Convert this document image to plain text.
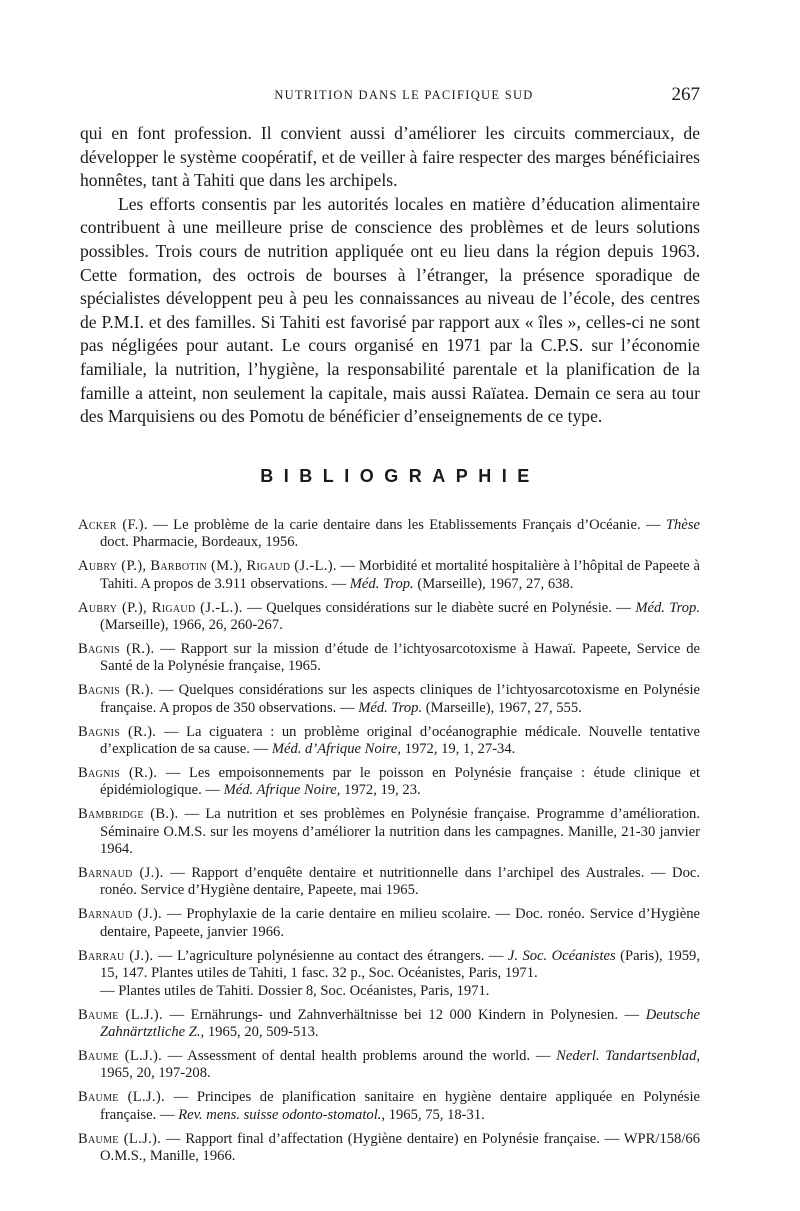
NUTRITION DANS LE PACIFIQUE SUD	267

qui en font profession. Il convient aussi d’améliorer les circuits commerciaux, de développer le système coopératif, et de veiller à faire respecter des marges bénéficiaires honnêtes, tant à Tahiti que dans les archipels.

Les efforts consentis par les autorités locales en matière d’éducation alimentaire contribuent à une meilleure prise de conscience des problèmes et de leurs solutions possibles. Trois cours de nutrition appliquée ont eu lieu dans la région depuis 1963. Cette formation, des octrois de bourses à l’étranger, la présence sporadique de spécialistes développent peu à peu les connaissances au niveau de l’école, des centres de P.M.I. et des familles. Si Tahiti est favorisé par rapport aux « îles », celles-ci ne sont pas négligées pour autant. Le cours organisé en 1971 par la C.P.S. sur l’économie familiale, la nutrition, l’hygiène, la responsabilité parentale et la planification de la famille a atteint, non seulement la capitale, mais aussi Raïatea. Demain ce sera au tour des Marquisiens ou des Pomotu de bénéficier d’enseignements de ce type.

BIBLIOGRAPHIE

Acker (F.). — Le problème de la carie dentaire dans les Etablissements Français d’Océanie. — Thèse doct. Pharmacie, Bordeaux, 1956.

Aubry (P.), Barbotin (M.), Rigaud (J.-L.). — Morbidité et mortalité hospitalière à l’hôpital de Papeete à Tahiti. A propos de 3.911 observations. — Méd. Trop. (Marseille), 1967, 27, 638.

Aubry (P.), Rigaud (J.-L.). — Quelques considérations sur le diabète sucré en Polynésie. — Méd. Trop. (Marseille), 1966, 26, 260-267.

Bagnis (R.). — Rapport sur la mission d’étude de l’ichtyosarcotoxisme à Hawaï. Papeete, Service de Santé de la Polynésie française, 1965.

Bagnis (R.). — Quelques considérations sur les aspects cliniques de l’ichtyosarcotoxisme en Polynésie française. A propos de 350 observations. — Méd. Trop. (Marseille), 1967, 27, 555.

Bagnis (R.). — La ciguatera : un problème original d’océanographie médicale. Nouvelle tentative d’explication de sa cause. — Méd. d’Afrique Noire, 1972, 19, 1, 27-34.

Bagnis (R.). — Les empoisonnements par le poisson en Polynésie française : étude clinique et épidémiologique. — Méd. Afrique Noire, 1972, 19, 23.

Bambridge (B.). — La nutrition et ses problèmes en Polynésie française. Programme d’amélioration. Séminaire O.M.S. sur les moyens d’améliorer la nutrition dans les campagnes. Manille, 21-30 janvier 1964.

Barnaud (J.). — Rapport d’enquête dentaire et nutritionnelle dans l’archipel des Australes. — Doc. ronéo. Service d’Hygiène dentaire, Papeete, mai 1965.

Barnaud (J.). — Prophylaxie de la carie dentaire en milieu scolaire. — Doc. ronéo. Service d’Hygiène dentaire, Papeete, janvier 1966.

Barrau (J.). — L’agriculture polynésienne au contact des étrangers. — J. Soc. Océanistes (Paris), 1959, 15, 147. Plantes utiles de Tahiti, 1 fasc. 32 p., Soc. Océanistes, Paris, 1971.

— Plantes utiles de Tahiti. Dossier 8, Soc. Océanistes, Paris, 1971.

Baume (L.J.). — Ernährungs- und Zahnverhältnisse bei 12 000 Kindern in Polynesien. — Deutsche Zahnärtztliche Z., 1965, 20, 509-513.

Baume (L.J.). — Assessment of dental health problems around the world. — Nederl. Tandartsenblad, 1965, 20, 197-208.

Baume (L.J.). — Principes de planification sanitaire en hygiène dentaire appliquée en Polynésie française. — Rev. mens. suisse odonto-stomatol., 1965, 75, 18-31.

Baume (L.J.). — Rapport final d’affectation (Hygiène dentaire) en Polynésie française. — WPR/158/66 O.M.S., Manille, 1966.
